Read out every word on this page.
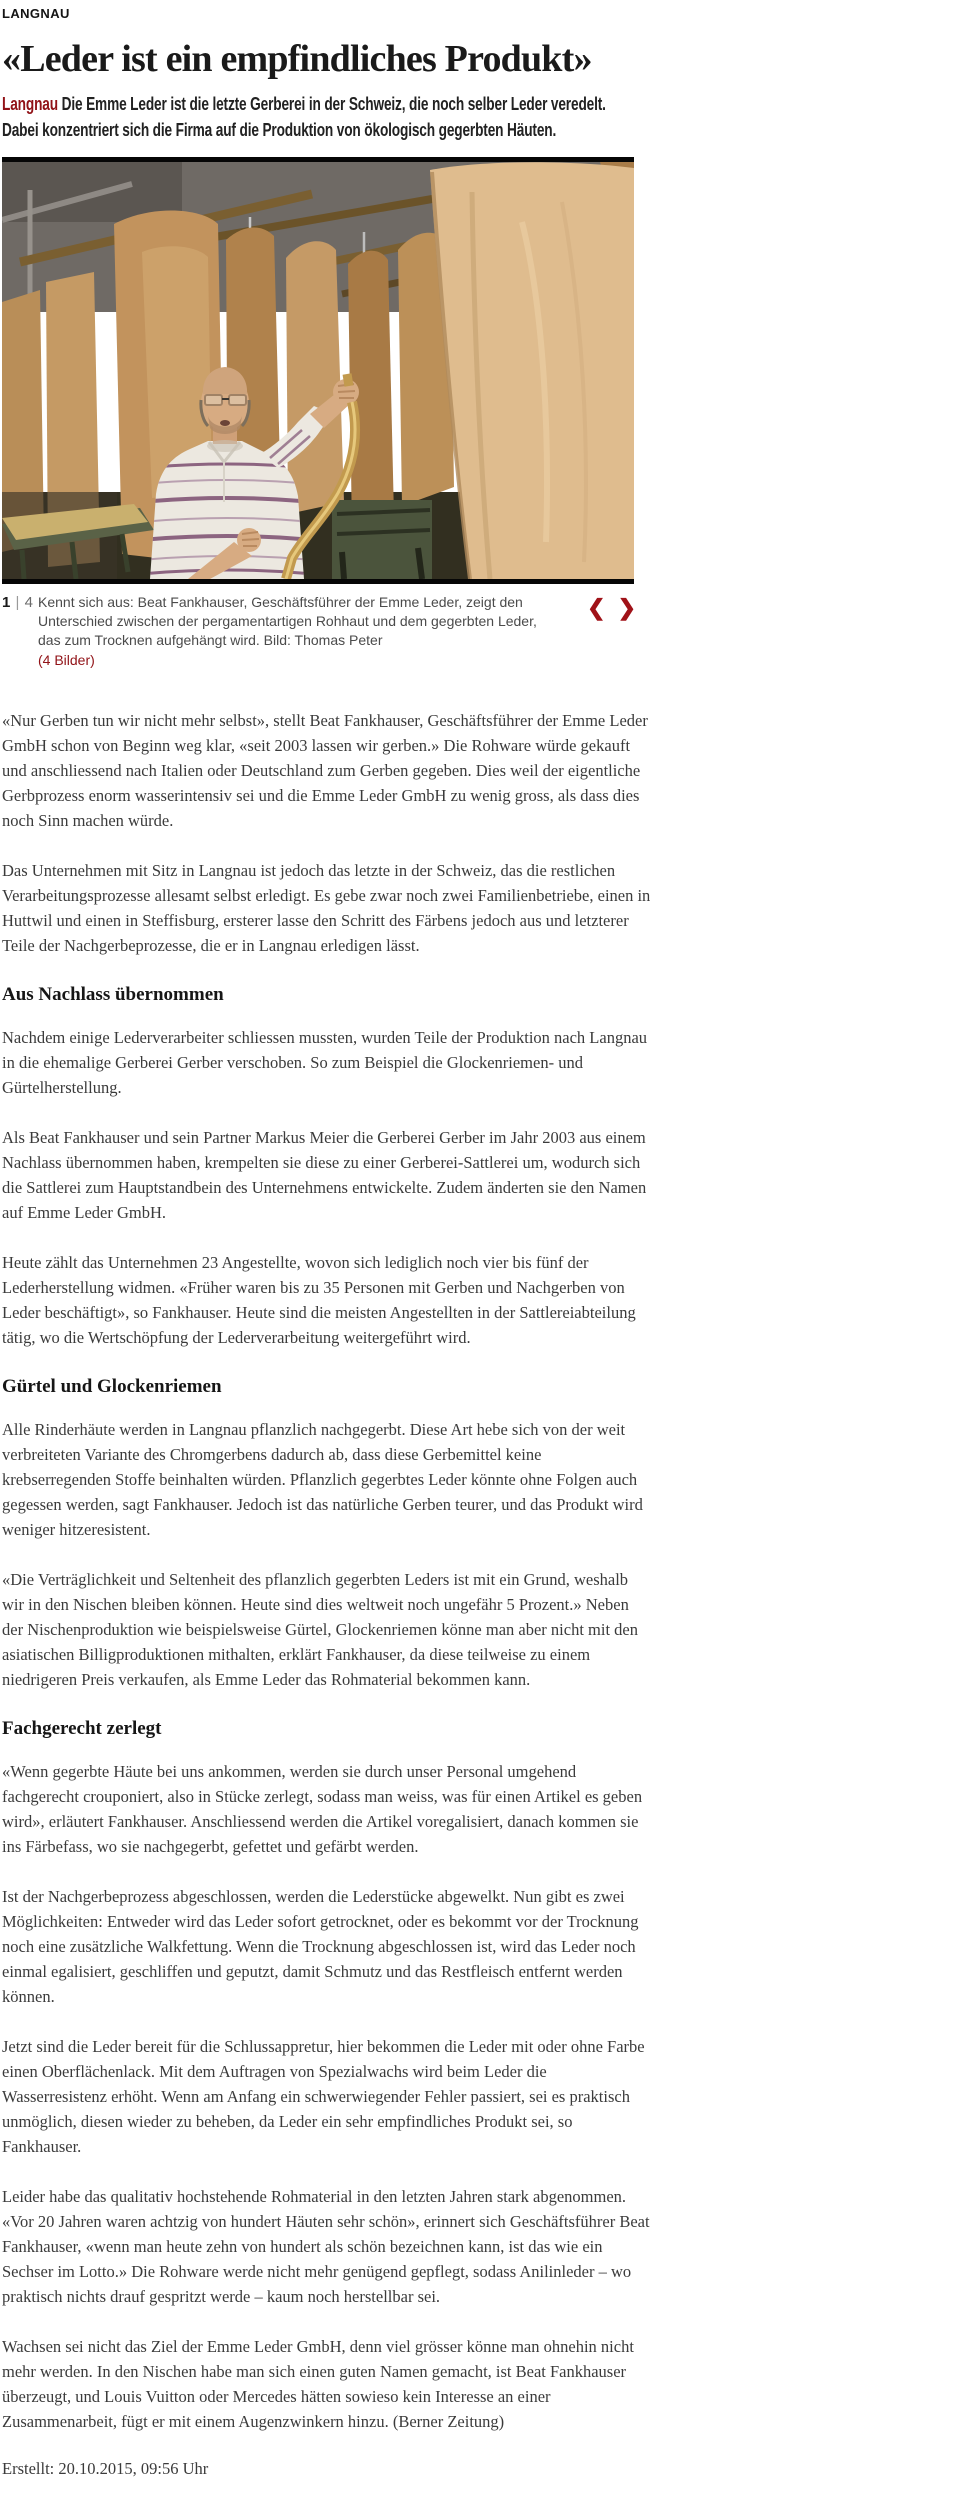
LANGNAU
«Leder ist ein empfindliches Produkt»

Langnau Die Emme Leder ist die letzte Gerberei in der Schweiz, die noch selber Leder veredelt.
Dabei konzentriert sich die Firma auf die Produktion von ökologisch gegerbten Häuten.

1 | 4 Kennt sich aus: Beat Fankhauser, Geschäftsführer der Emme Leder, zeigt den Unterschied zwischen der pergamentartigen Rohhaut und dem gegerbten Leder, das zum Trocknen aufgehängt wird. Bild: Thomas Peter
(4 Bilder)
❮ ❯

«Nur Gerben tun wir nicht mehr selbst», stellt Beat Fankhauser, Geschäftsführer der Emme Leder GmbH schon von Beginn weg klar, «seit 2003 lassen wir gerben.» Die Rohware würde gekauft und anschliessend nach Italien oder Deutschland zum Gerben gegeben. Dies weil der eigentliche Gerbprozess enorm wasserintensiv sei und die Emme Leder GmbH zu wenig gross, als dass dies noch Sinn machen würde.

Das Unternehmen mit Sitz in Langnau ist jedoch das letzte in der Schweiz, das die restlichen Verarbeitungsprozesse allesamt selbst erledigt. Es gebe zwar noch zwei Familienbetriebe, einen in Huttwil und einen in Steffisburg, ersterer lasse den Schritt des Färbens jedoch aus und letzterer Teile der Nachgerbeprozesse, die er in Langnau erledigen lässt.

Aus Nachlass übernommen

Nachdem einige Lederverarbeiter schliessen mussten, wurden Teile der Produktion nach Langnau in die ehemalige Gerberei Gerber verschoben. So zum Beispiel die Glockenriemen- und Gürtelherstellung.

Als Beat Fankhauser und sein Partner Markus Meier die Gerberei Gerber im Jahr 2003 aus einem Nachlass übernommen haben, krempelten sie diese zu einer Gerberei-Sattlerei um, wodurch sich die Sattlerei zum Hauptstandbein des Unternehmens entwickelte. Zudem änderten sie den Namen auf Emme Leder GmbH.

Heute zählt das Unternehmen 23 Angestellte, wovon sich lediglich noch vier bis fünf der Lederherstellung widmen. «Früher waren bis zu 35 Personen mit Gerben und Nachgerben von Leder beschäftigt», so Fankhauser. Heute sind die meisten Angestellten in der Sattlereiabteilung tätig, wo die Wertschöpfung der Lederverarbeitung weitergeführt wird.

Gürtel und Glockenriemen

Alle Rinderhäute werden in Langnau pflanzlich nachgegerbt. Diese Art hebe sich von der weit verbreiteten Variante des Chromgerbens dadurch ab, dass diese Gerbemittel keine krebserregenden Stoffe beinhalten würden. Pflanzlich gegerbtes Leder könnte ohne Folgen auch gegessen werden, sagt Fankhauser. Jedoch ist das natürliche Gerben teurer, und das Produkt wird weniger hitzeresistent.

«Die Verträglichkeit und Seltenheit des pflanzlich gegerbten Leders ist mit ein Grund, weshalb wir in den Nischen bleiben können. Heute sind dies weltweit noch ungefähr 5 Prozent.» Neben der Nischenproduktion wie beispielsweise Gürtel, Glockenriemen könne man aber nicht mit den asiatischen Billigproduktionen mithalten, erklärt Fankhauser, da diese teilweise zu einem niedrigeren Preis verkaufen, als Emme Leder das Rohmaterial bekommen kann.

Fachgerecht zerlegt

«Wenn gegerbte Häute bei uns ankommen, werden sie durch unser Personal umgehend fachgerecht crouponiert, also in Stücke zerlegt, sodass man weiss, was für einen Artikel es geben wird», erläutert Fankhauser. Anschliessend werden die Artikel voregalisiert, danach kommen sie ins Färbefass, wo sie nachgegerbt, gefettet und gefärbt werden.

Ist der Nachgerbeprozess abgeschlossen, werden die Lederstücke abgewelkt. Nun gibt es zwei Möglichkeiten: Entweder wird das Leder sofort getrocknet, oder es bekommt vor der Trocknung noch eine zusätzliche Walkfettung. Wenn die Trocknung abgeschlossen ist, wird das Leder noch einmal egalisiert, geschliffen und geputzt, damit Schmutz und das Restfleisch entfernt werden können.

Jetzt sind die Leder bereit für die Schlussappretur, hier bekommen die Leder mit oder ohne Farbe einen Oberflächenlack. Mit dem Auftragen von Spezialwachs wird beim Leder die Wasserresistenz erhöht. Wenn am Anfang ein schwerwiegender Fehler passiert, sei es praktisch unmöglich, diesen wieder zu beheben, da Leder ein sehr empfindliches Produkt sei, so Fankhauser.

Leider habe das qualitativ hochstehende Rohmaterial in den letzten Jahren stark abgenommen. «Vor 20 Jahren waren achtzig von hundert Häuten sehr schön», erinnert sich Geschäftsführer Beat Fankhauser, «wenn man heute zehn von hundert als schön bezeichnen kann, ist das wie ein Sechser im Lotto.» Die Rohware werde nicht mehr genügend gepflegt, sodass Anilinleder – wo praktisch nichts drauf gespritzt werde – kaum noch herstellbar sei.

Wachsen sei nicht das Ziel der Emme Leder GmbH, denn viel grösser könne man ohnehin nicht mehr werden. In den Nischen habe man sich einen guten Namen gemacht, ist Beat Fankhauser überzeugt, und Louis Vuitton oder Mercedes hätten sowieso kein Interesse an einer Zusammenarbeit, fügt er mit einem Augenzwinkern hinzu. (Berner Zeitung)

Erstellt: 20.10.2015, 09:56 Uhr
